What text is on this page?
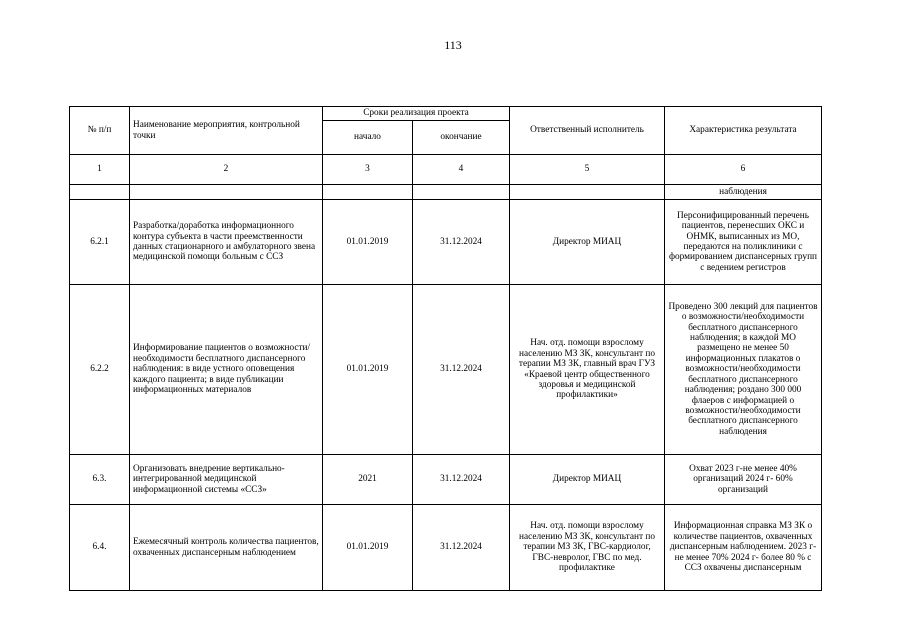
113
№ п/п	Наименование мероприятия, контрольной точки	Сроки реализация проекта		Ответственный исполнитель	Характеристика результата
		начало	окончание		
1	2	3	4	5	6
					наблюдения
6.2.1	Разработка/доработка информационного контура субъекта в части преемственности данных стационарного и амбулаторного звена медицинской помощи больным с ССЗ	01.01.2019	31.12.2024	Директор МИАЦ	Персонифицированный перечень пациентов, перенесших ОКС и ОНМК, выписанных из МО, передаются на поликлиники с формированием диспансерных групп с ведением регистров
6.2.2	Информирование пациентов о возможности/необходимости бесплатного диспансерного наблюдения: в виде устного оповещения каждого пациента; в виде публикации информационных материалов	01.01.2019	31.12.2024	Нач. отд. помощи взрослому населению МЗ ЗК, консультант по терапии МЗ ЗК, главный врач ГУЗ «Краевой центр общественного здоровья и медицинской профилактики»	Проведено 300 лекций для пациентов о возможности/необходимости бесплатного диспансерного наблюдения; в каждой МО размещено не менее 50 информационных плакатов о возможности/необходимости бесплатного диспансерного наблюдения; роздано 300 000 флаеров с информацией о возможности/необходимости бесплатного диспансерного наблюдения
6.3.	Организовать внедрение вертикально-интегрированной медицинской информационной системы «ССЗ»	2021	31.12.2024	Директор МИАЦ	Охват 2023 г-не менее 40% организаций 2024 г- 60% организаций
6.4.	Ежемесячный контроль количества пациентов, охваченных диспансерным наблюдением	01.01.2019	31.12.2024	Нач. отд. помощи взрослому населению МЗ ЗК, консультант по терапии МЗ ЗК, ГВС-кардиолог, ГВС-невролог, ГВС по мед. профилактике	Информационная справка МЗ ЗК о количестве пациентов, охваченных диспансерным наблюдением. 2023 г-не менее 70% 2024 г- более 80 % с ССЗ охвачены диспансерным
